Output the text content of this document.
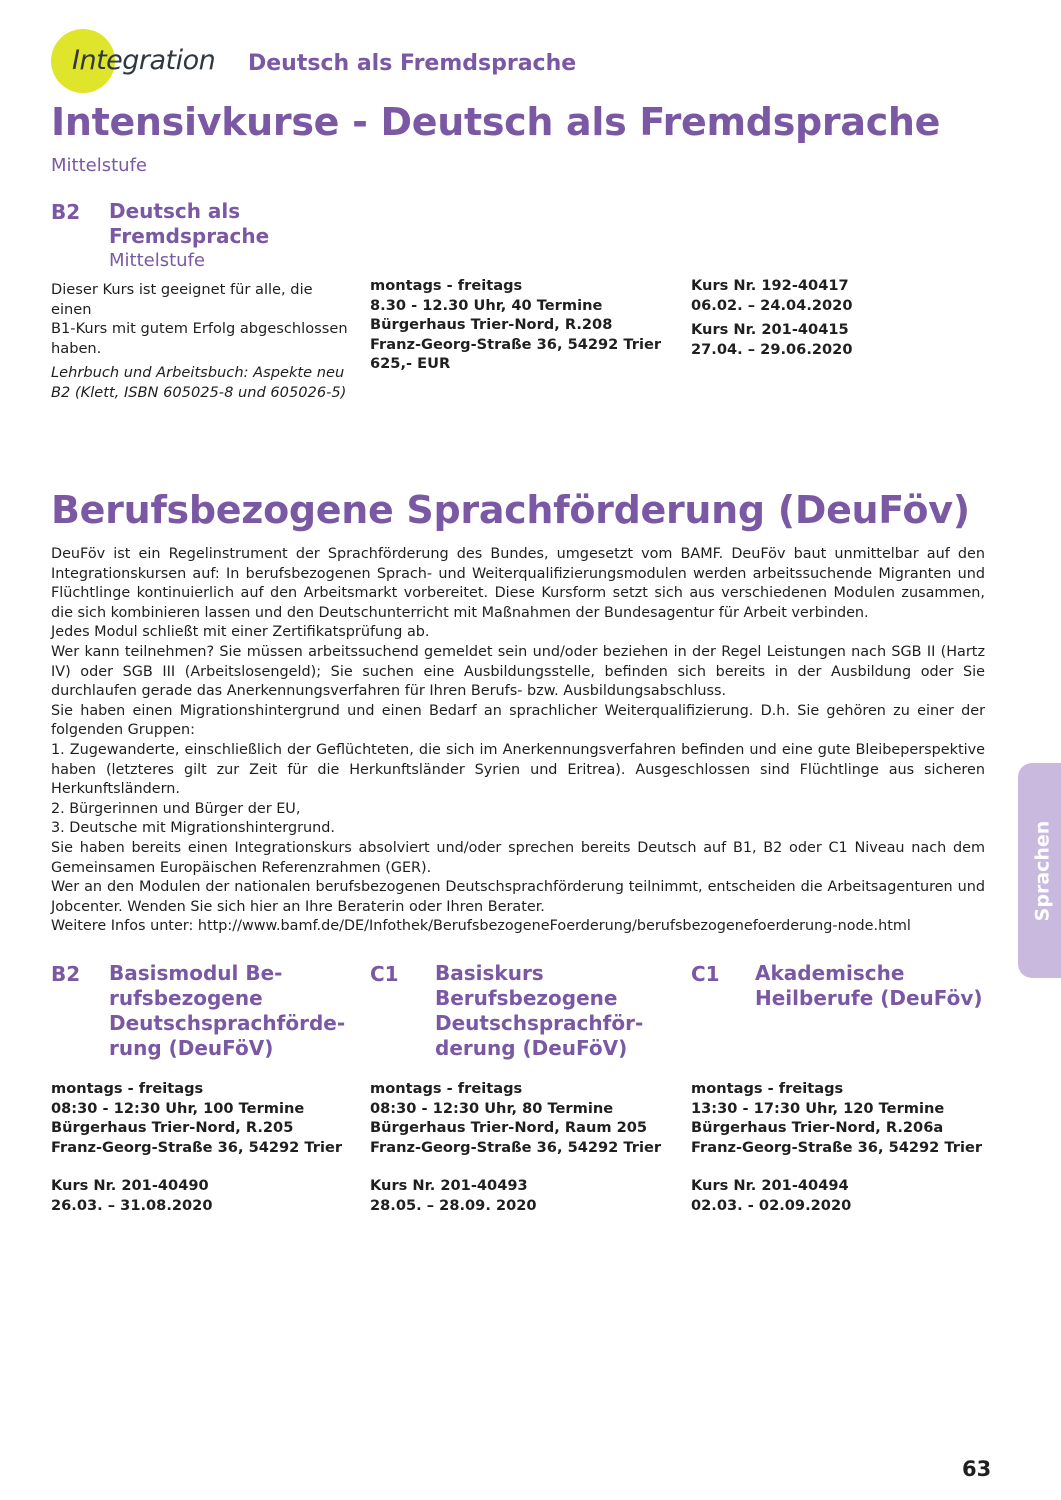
Integration Deutsch als Fremdsprache
Intensivkurse - Deutsch als Fremdsprache
Mittelstufe
B2 Deutsch als
Fremdsprache
Mittelstufe
Dieser Kurs ist geeignet für alle, die einen
B1-Kurs mit gutem Erfolg abgeschlossen
haben.
Lehrbuch und Arbeitsbuch: Aspekte neu
B2 (Klett, ISBN 605025-8 und 605026-5)
montags - freitags
8.30 - 12.30 Uhr, 40 Termine
Bürgerhaus Trier-Nord, R.208
Franz-Georg-Straße 36, 54292 Trier
625,- EUR
Kurs Nr. 192-40417
06.02. – 24.04.2020
Kurs Nr. 201-40415
27.04. – 29.06.2020
Berufsbezogene Sprachförderung (DeuFöv)
DeuFöv ist ein Regelinstrument der Sprachförderung des Bundes, umgesetzt vom BAMF. DeuFöv baut unmittelbar auf den Integrationskursen auf: In berufsbezogenen Sprach- und Weiterqualifizierungsmodulen werden arbeitssuchende Migranten und Flüchtlinge kontinuierlich auf den Arbeitsmarkt vorbereitet. Diese Kursform setzt sich aus verschiedenen Modulen zusammen, die sich kombinieren lassen und den Deutschunterricht mit Maßnahmen der Bundesagentur für Arbeit verbinden.
Jedes Modul schließt mit einer Zertifikatsprüfung ab.
Wer kann teilnehmen? Sie müssen arbeitssuchend gemeldet sein und/oder beziehen in der Regel Leistungen nach SGB II (Hartz IV) oder SGB III (Arbeitslosengeld); Sie suchen eine Ausbildungsstelle, befinden sich bereits in der Ausbildung oder Sie durchlaufen gerade das Anerkennungsverfahren für Ihren Berufs- bzw. Ausbildungsabschluss.
Sie haben einen Migrationshintergrund und einen Bedarf an sprachlicher Weiterqualifizierung. D.h. Sie gehören zu einer der folgenden Gruppen:
1. Zugewanderte, einschließlich der Geflüchteten, die sich im Anerkennungsverfahren befinden und eine gute Bleibeperspektive haben (letzteres gilt zur Zeit für die Herkunftsländer Syrien und Eritrea). Ausgeschlossen sind Flüchtlinge aus sicheren Herkunftsländern.
2. Bürgerinnen und Bürger der EU,
3. Deutsche mit Migrationshintergrund.
Sie haben bereits einen Integrationskurs absolviert und/oder sprechen bereits Deutsch auf B1, B2 oder C1 Niveau nach dem Gemeinsamen Europäischen Referenzrahmen (GER).
Wer an den Modulen der nationalen berufsbezogenen Deutschsprachförderung teilnimmt, entscheiden die Arbeitsagenturen und Jobcenter. Wenden Sie sich hier an Ihre Beraterin oder Ihren Berater.
Weitere Infos unter: http://www.bamf.de/DE/Infothek/BerufsbezogeneFoerderung/berufsbezogenefoerderung-node.html
B2 Basismodul Be-
rufsbezogene
Deutschsprachförde-
rung (DeuFöV)
montags - freitags
08:30 - 12:30 Uhr, 100 Termine
Bürgerhaus Trier-Nord, R.205
Franz-Georg-Straße 36, 54292 Trier
Kurs Nr. 201-40490
26.03. – 31.08.2020
C1 Basiskurs
Berufsbezogene
Deutschsprachför-
derung (DeuFöV)
montags - freitags
08:30 - 12:30 Uhr, 80 Termine
Bürgerhaus Trier-Nord, Raum 205
Franz-Georg-Straße 36, 54292 Trier
Kurs Nr. 201-40493
28.05. – 28.09. 2020
C1 Akademische
Heilberufe (DeuFöv)
montags - freitags
13:30 - 17:30 Uhr, 120 Termine
Bürgerhaus Trier-Nord, R.206a
Franz-Georg-Straße 36, 54292 Trier
Kurs Nr. 201-40494
02.03. - 02.09.2020
Sprachen
63
